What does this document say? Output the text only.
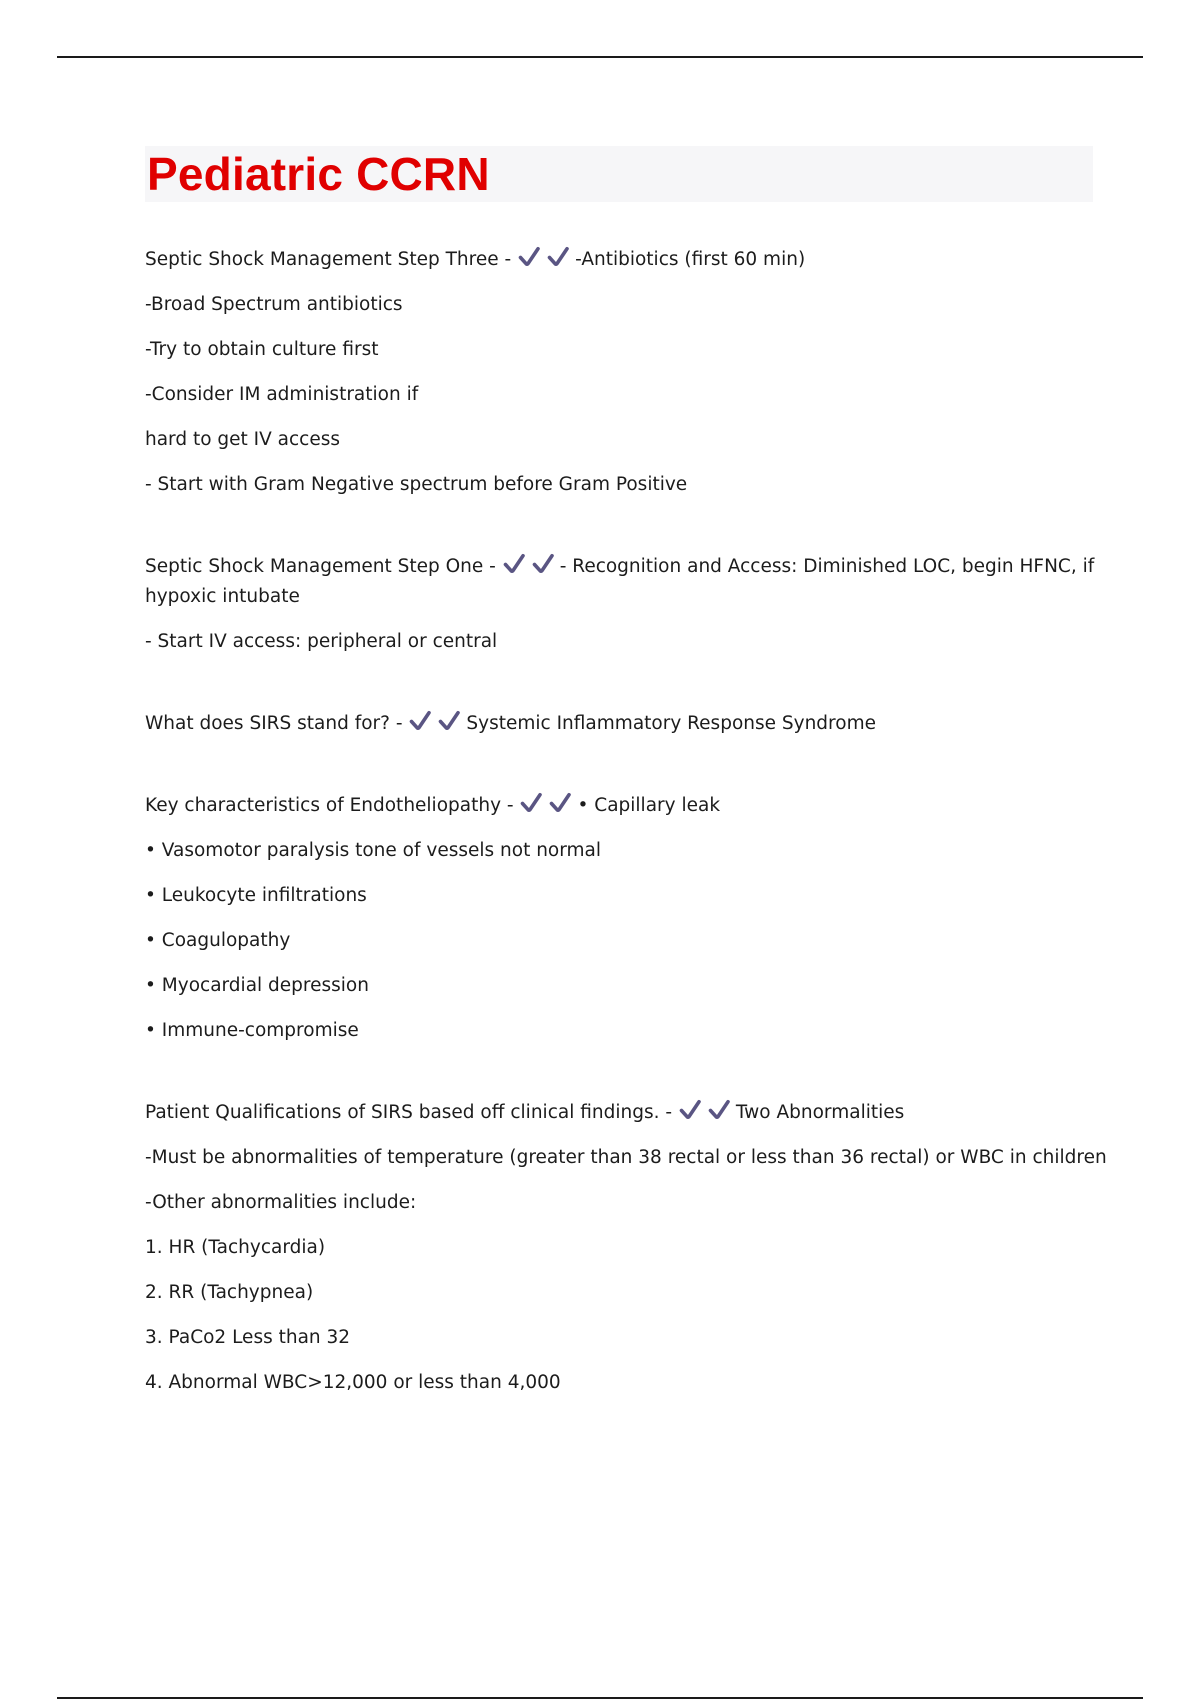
Pediatric CCRN

Septic Shock Management Step Three -	-Antibiotics (first 60 min)

-Broad Spectrum antibiotics

-Try to obtain culture first

-Consider IM administration if

hard to get IV access

- Start with Gram Negative spectrum before Gram Positive

Septic Shock Management Step One -	- Recognition and Access: Diminished LOC, begin HFNC, if hypoxic intubate

- Start IV access: peripheral or central

What does SIRS stand for? -	Systemic Inflammatory Response Syndrome

Key characteristics of Endotheliopathy -	• Capillary leak

• Vasomotor paralysis tone of vessels not normal

• Leukocyte infiltrations

• Coagulopathy

• Myocardial depression

• Immune-compromise

Patient Qualifications of SIRS based off clinical findings. -	Two Abnormalities

-Must be abnormalities of temperature (greater than 38 rectal or less than 36 rectal) or WBC in children

-Other abnormalities include:

1. HR (Tachycardia)

2. RR (Tachypnea)

3. PaCo2 Less than 32

4. Abnormal WBC>12,000 or less than 4,000
